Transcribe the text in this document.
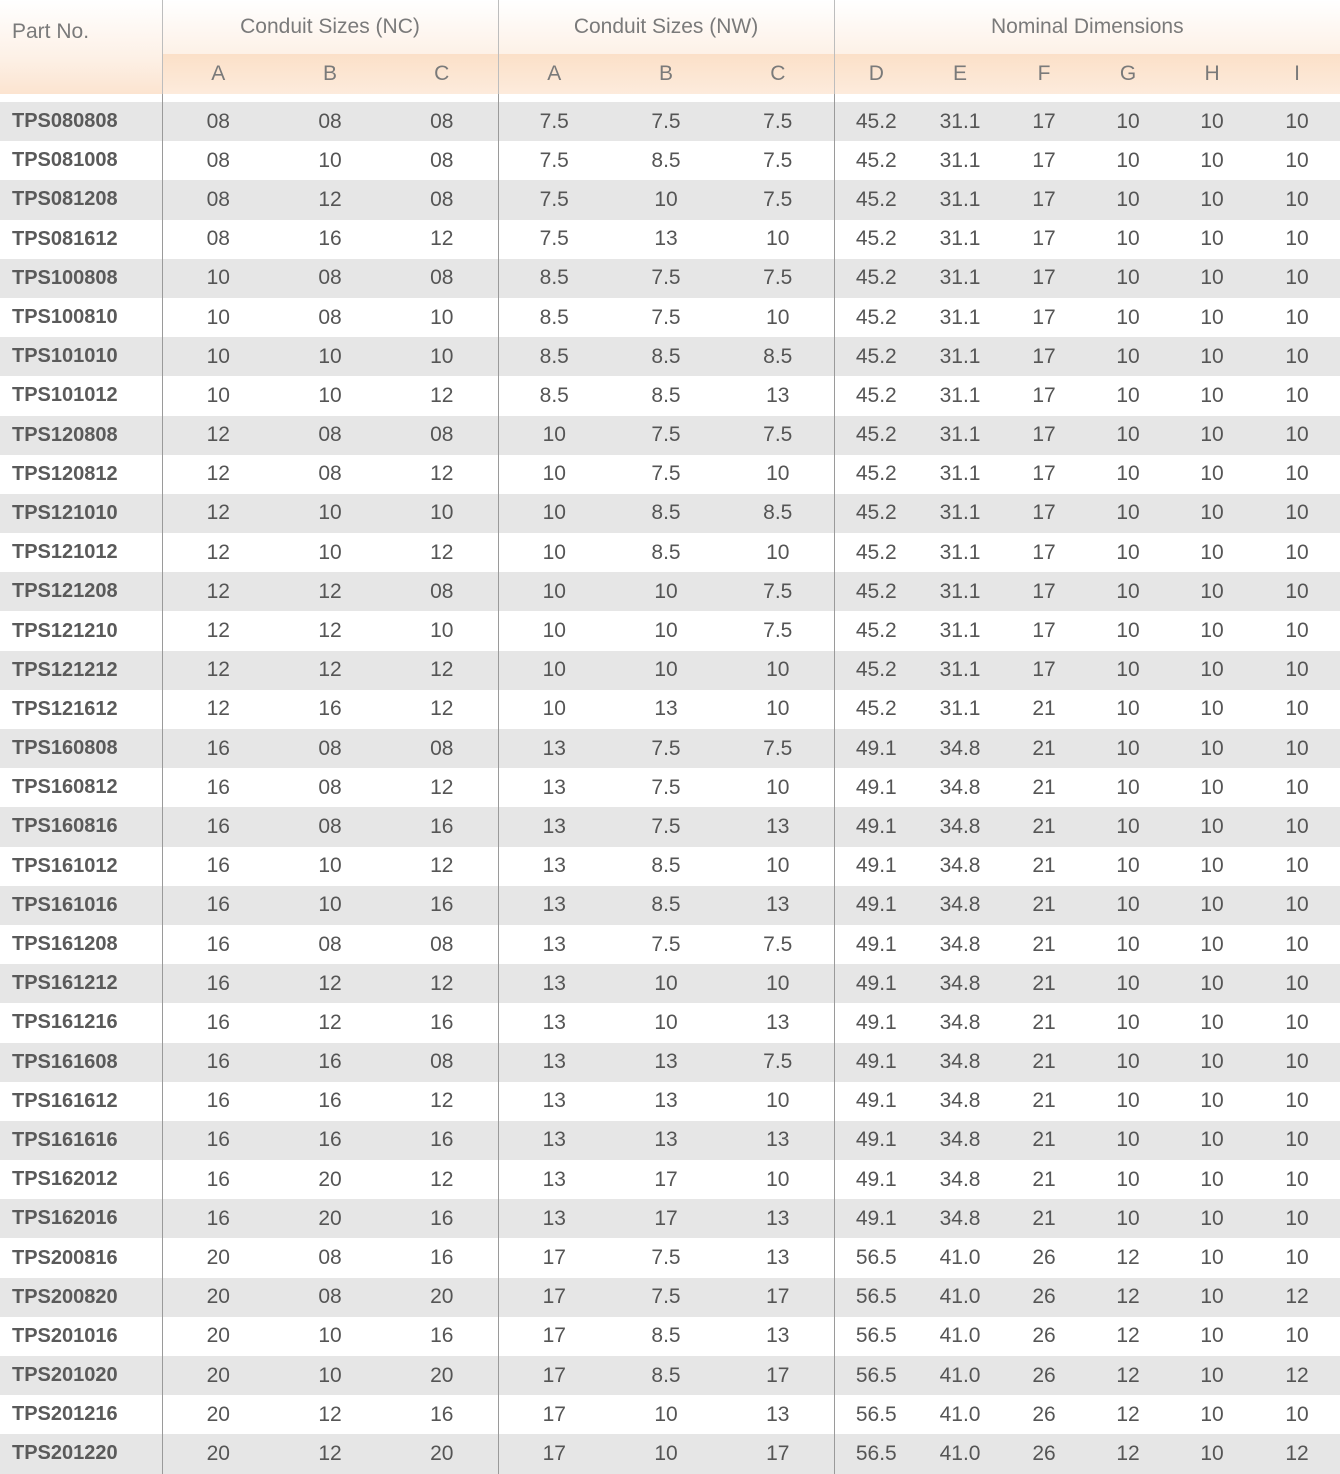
Part No.	Conduit Sizes (NC)			Conduit Sizes (NW)			Nominal Dimensions					
	A	B	C	A	B	C	D	E	F	G	H	I

TPS080808	08	08	08	7.5	7.5	7.5	45.2	31.1	17	10	10	10
TPS081008	08	10	08	7.5	8.5	7.5	45.2	31.1	17	10	10	10
TPS081208	08	12	08	7.5	10	7.5	45.2	31.1	17	10	10	10
TPS081612	08	16	12	7.5	13	10	45.2	31.1	17	10	10	10
TPS100808	10	08	08	8.5	7.5	7.5	45.2	31.1	17	10	10	10
TPS100810	10	08	10	8.5	7.5	10	45.2	31.1	17	10	10	10
TPS101010	10	10	10	8.5	8.5	8.5	45.2	31.1	17	10	10	10
TPS101012	10	10	12	8.5	8.5	13	45.2	31.1	17	10	10	10
TPS120808	12	08	08	10	7.5	7.5	45.2	31.1	17	10	10	10
TPS120812	12	08	12	10	7.5	10	45.2	31.1	17	10	10	10
TPS121010	12	10	10	10	8.5	8.5	45.2	31.1	17	10	10	10
TPS121012	12	10	12	10	8.5	10	45.2	31.1	17	10	10	10
TPS121208	12	12	08	10	10	7.5	45.2	31.1	17	10	10	10
TPS121210	12	12	10	10	10	7.5	45.2	31.1	17	10	10	10
TPS121212	12	12	12	10	10	10	45.2	31.1	17	10	10	10
TPS121612	12	16	12	10	13	10	45.2	31.1	21	10	10	10
TPS160808	16	08	08	13	7.5	7.5	49.1	34.8	21	10	10	10
TPS160812	16	08	12	13	7.5	10	49.1	34.8	21	10	10	10
TPS160816	16	08	16	13	7.5	13	49.1	34.8	21	10	10	10
TPS161012	16	10	12	13	8.5	10	49.1	34.8	21	10	10	10
TPS161016	16	10	16	13	8.5	13	49.1	34.8	21	10	10	10
TPS161208	16	08	08	13	7.5	7.5	49.1	34.8	21	10	10	10
TPS161212	16	12	12	13	10	10	49.1	34.8	21	10	10	10
TPS161216	16	12	16	13	10	13	49.1	34.8	21	10	10	10
TPS161608	16	16	08	13	13	7.5	49.1	34.8	21	10	10	10
TPS161612	16	16	12	13	13	10	49.1	34.8	21	10	10	10
TPS161616	16	16	16	13	13	13	49.1	34.8	21	10	10	10
TPS162012	16	20	12	13	17	10	49.1	34.8	21	10	10	10
TPS162016	16	20	16	13	17	13	49.1	34.8	21	10	10	10
TPS200816	20	08	16	17	7.5	13	56.5	41.0	26	12	10	10
TPS200820	20	08	20	17	7.5	17	56.5	41.0	26	12	10	12
TPS201016	20	10	16	17	8.5	13	56.5	41.0	26	12	10	10
TPS201020	20	10	20	17	8.5	17	56.5	41.0	26	12	10	12
TPS201216	20	12	16	17	10	13	56.5	41.0	26	12	10	10
TPS201220	20	12	20	17	10	17	56.5	41.0	26	12	10	12
